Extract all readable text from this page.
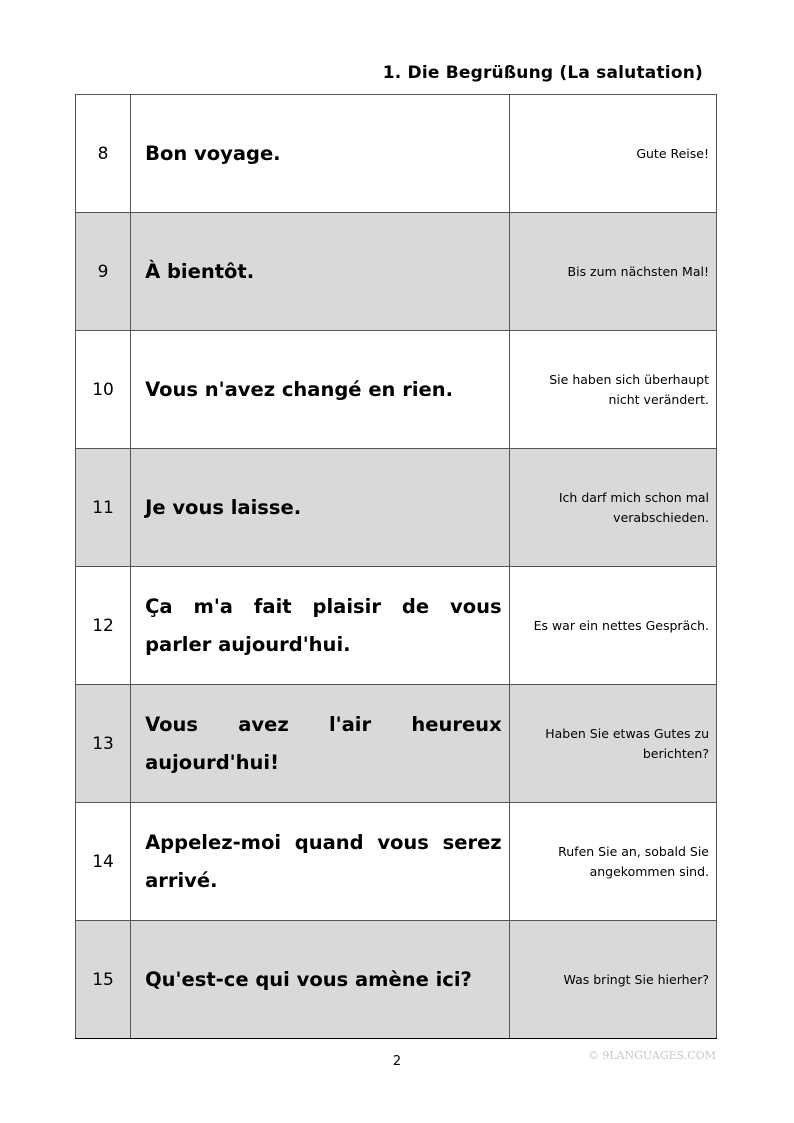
1. Die Begrüßung (La salutation)
8	Bon voyage.	Gute Reise!
9	À bientôt.	Bis zum nächsten Mal!
10	Vous n'avez changé en rien.	Sie haben sich überhaupt nicht verändert.
11	Je vous laisse.	Ich darf mich schon mal verabschieden.
12	Ça m'a fait plaisir de vous parler aujourd'hui.	Es war ein nettes Gespräch.
13	Vous avez l'air heureux aujourd'hui!	Haben Sie etwas Gutes zu berichten?
14	Appelez-moi quand vous serez arrivé.	Rufen Sie an, sobald Sie angekommen sind.
15	Qu'est-ce qui vous amène ici?	Was bringt Sie hierher?
2	© 9LANGUAGES.COM
